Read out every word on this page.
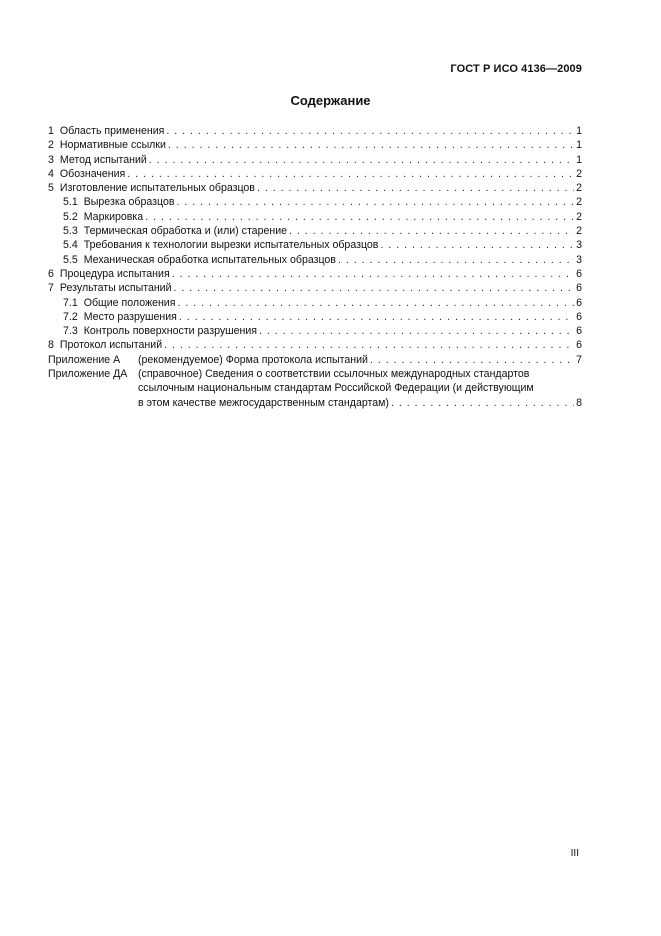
ГОСТ Р ИСО 4136—2009
Содержание
1 Область применения . . .	1
2 Нормативные ссылки . . .	1
3 Метод испытаний . . .	1
4 Обозначения . . .	2
5 Изготовление испытательных образцов . . .	2
5.1 Вырезка образцов . . .	2
5.2 Маркировка . . .	2
5.3 Термическая обработка и (или) старение . . .	2
5.4 Требования к технологии вырезки испытательных образцов . . .	3
5.5 Механическая обработка испытательных образцов . . .	3
6 Процедура испытания . . .	6
7 Результаты испытаний . . .	6
7.1 Общие положения . . .	6
7.2 Место разрушения . . .	6
7.3 Контроль поверхности разрушения . . .	6
8 Протокол испытаний . . .	6
Приложение А	(рекомендуемое) Форма протокола испытаний . . .	7
Приложение ДА	(справочное) Сведения о соответствии ссылочных международных стандартов
ссылочным национальным стандартам Российской Федерации (и действующим
в этом качестве межгосударственным стандартам) . . .	8
III
